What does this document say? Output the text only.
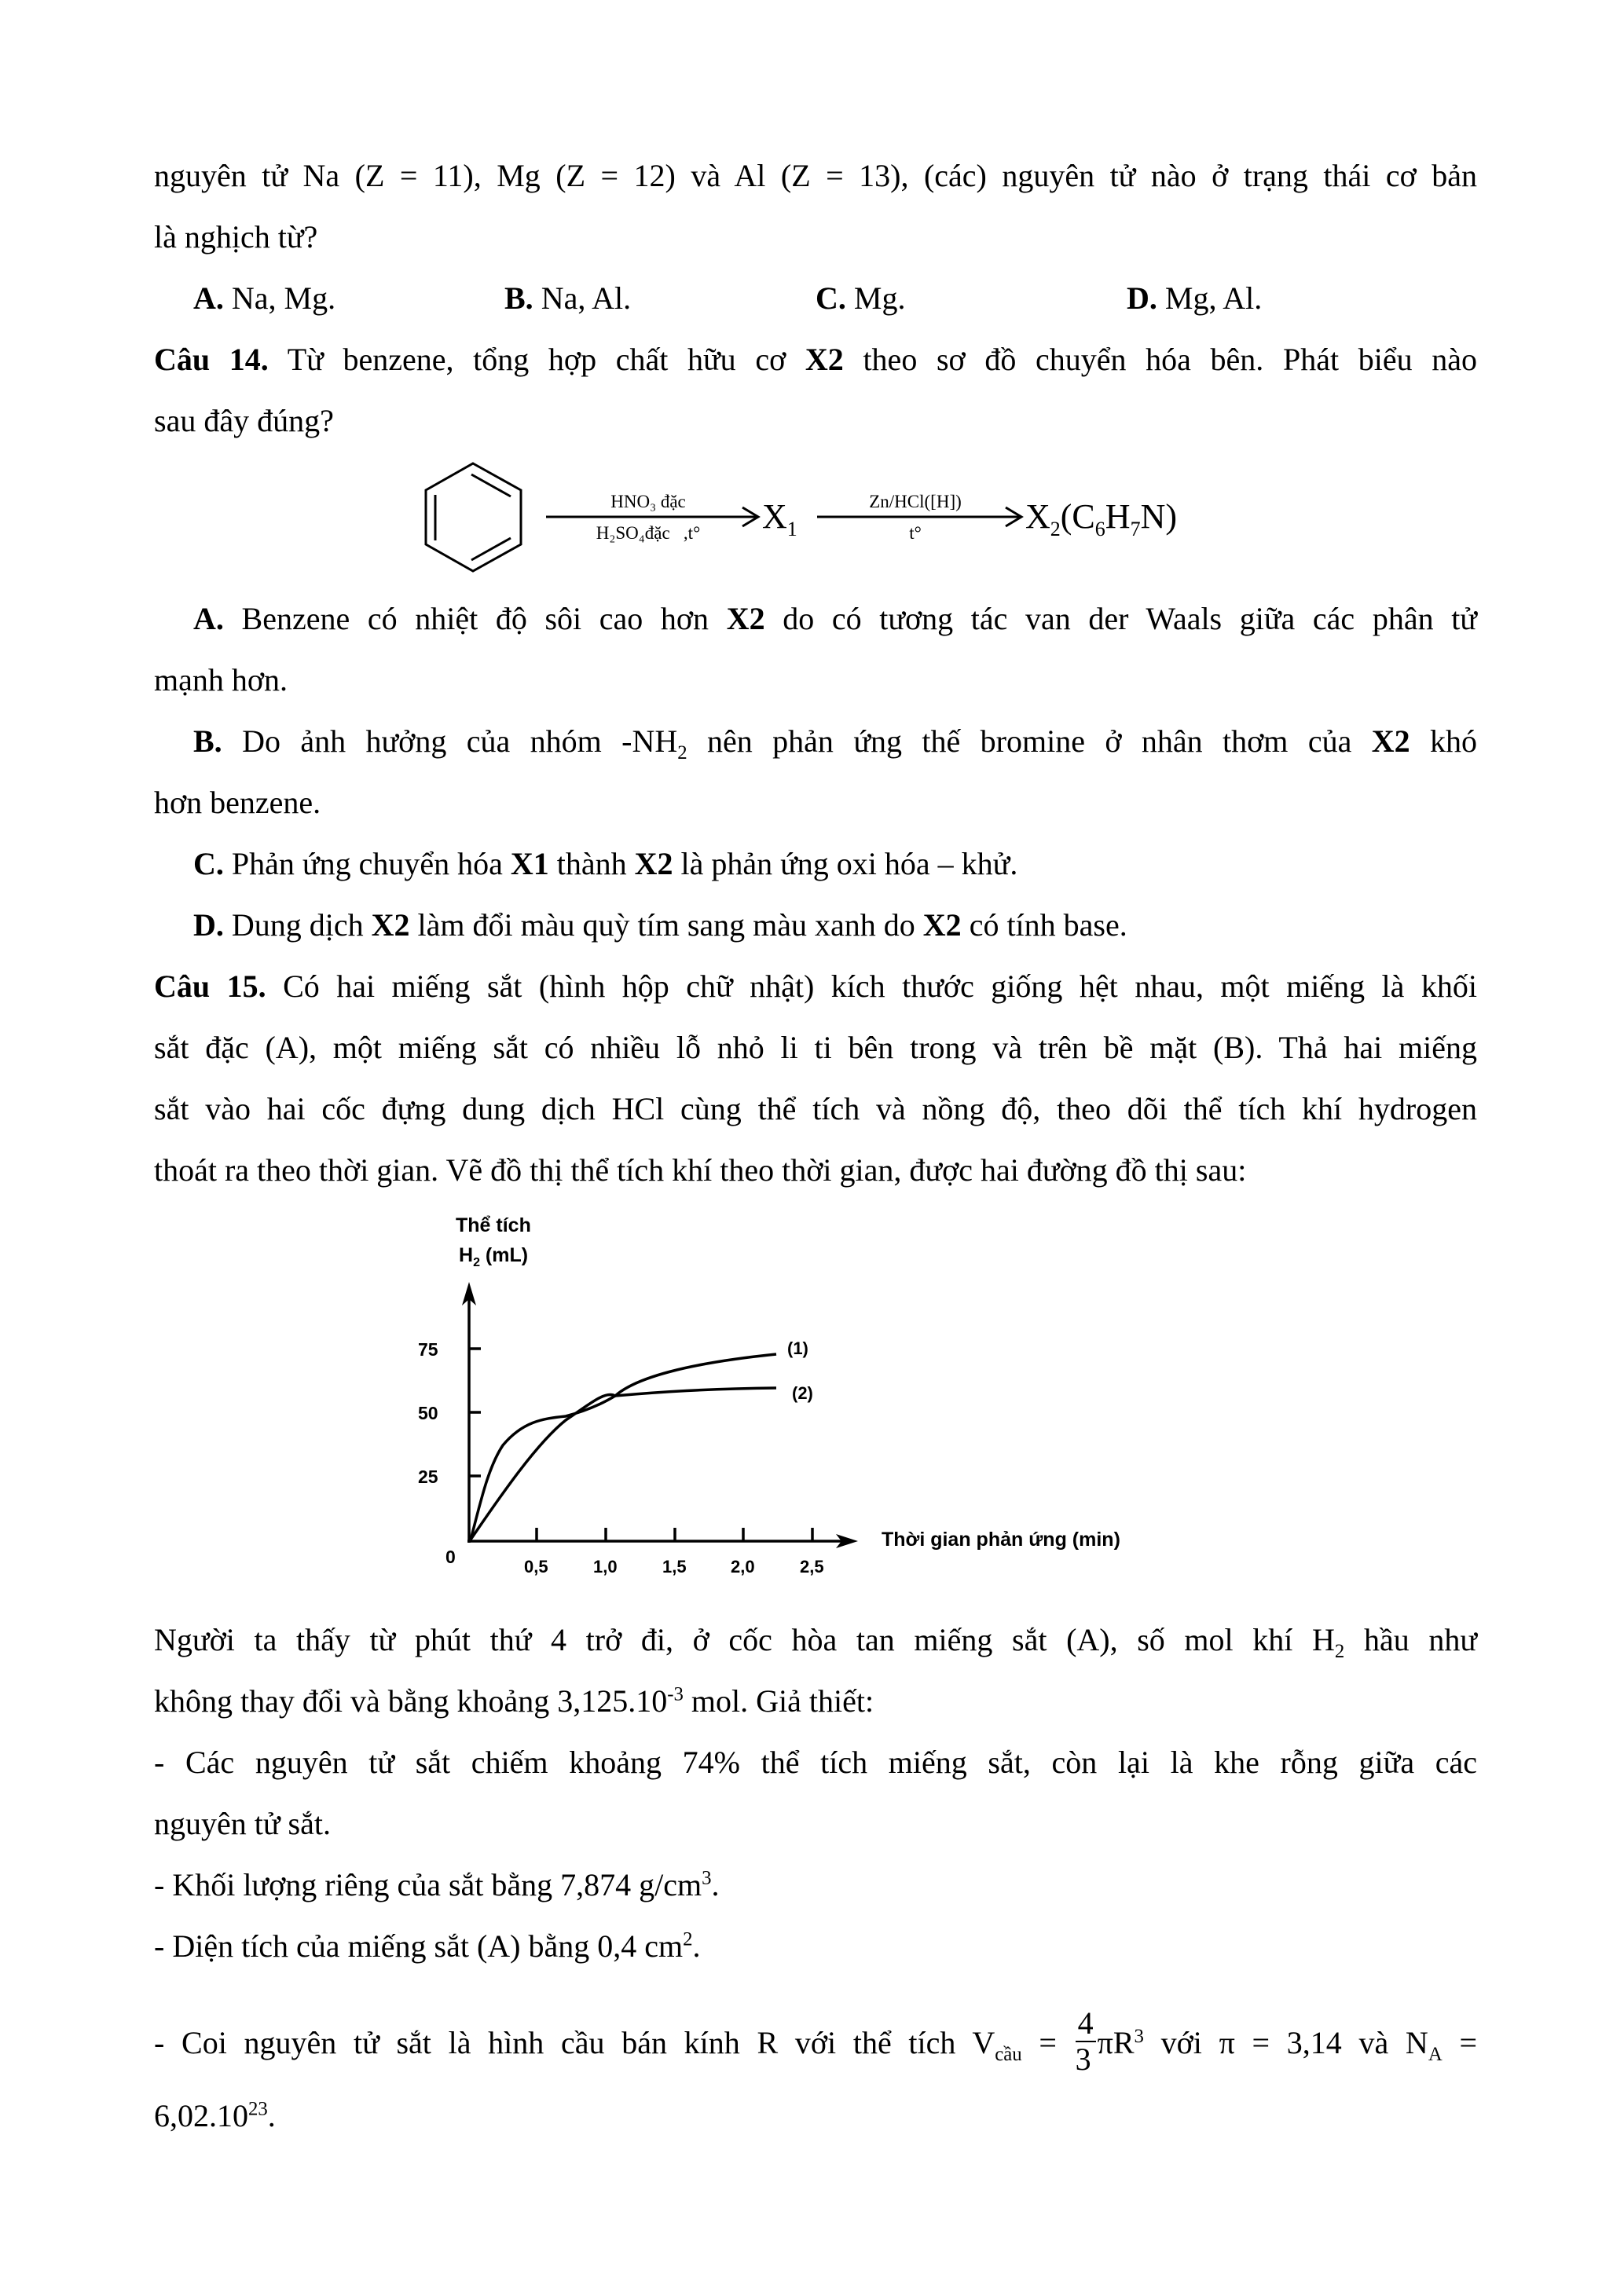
nguyên tử Na (Z = 11), Mg (Z = 12) và Al (Z = 13), (các) nguyên tử nào ở trạng thái cơ bản
là nghịch từ?
A. Na, Mg.	B. Na, Al.	C. Mg.	D. Mg, Al.
Câu 14. Từ benzene, tổng hợp chất hữu cơ X2 theo sơ đồ chuyển hóa bên. Phát biểu nào
sau đây đúng?
HNO₃ đặc
H₂SO₄đặc   ,t°	$X_1$
Zn/HCl([H])
t°	$X_2(C_6H_7N)$
A. Benzene có nhiệt độ sôi cao hơn X2 do có tương tác van der Waals giữa các phân tử
mạnh hơn.
B. Do ảnh hưởng của nhóm $-NH_2$ nên phản ứng thế bromine ở nhân thơm của X2 khó
hơn benzene.
C. Phản ứng chuyển hóa X1 thành X2 là phản ứng oxi hóa – khử.
D. Dung dịch X2 làm đổi màu quỳ tím sang màu xanh do X2 có tính base.
Câu 15. Có hai miếng sắt (hình hộp chữ nhật) kích thước giống hệt nhau, một miếng là khối
sắt đặc (A), một miếng sắt có nhiều lỗ nhỏ li ti bên trong và trên bề mặt (B). Thả hai miếng
sắt vào hai cốc đựng dung dịch HCl cùng thể tích và nồng độ, theo dõi thể tích khí hydrogen
thoát ra theo thời gian. Vẽ đồ thị thể tích khí theo thời gian, được hai đường đồ thị sau:
Thể tích
$H_2$ (mL)
75
50
25
0	0,5	1,0	1,5	2,0	2,5
(1)
(2)
Thời gian phản ứng (min)
Người ta thấy từ phút thứ 4 trở đi, ở cốc hòa tan miếng sắt (A), số mol khí $H_2$ hầu như
không thay đổi và bằng khoảng $3,125.10^{-3}$ mol. Giả thiết:
- Các nguyên tử sắt chiếm khoảng 74% thể tích miếng sắt, còn lại là khe rỗng giữa các
nguyên tử sắt.
- Khối lượng riêng của sắt bằng 7,874 $g/cm^3$.
- Diện tích của miếng sắt (A) bằng 0,4 $cm^2$.
- Coi nguyên tử sắt là hình cầu bán kính R với thể tích $V_{cầu} = \frac{4}{3} \pi R^3$ với π = 3,14 và $N_A$ =
$6,02.10^{23}$.
